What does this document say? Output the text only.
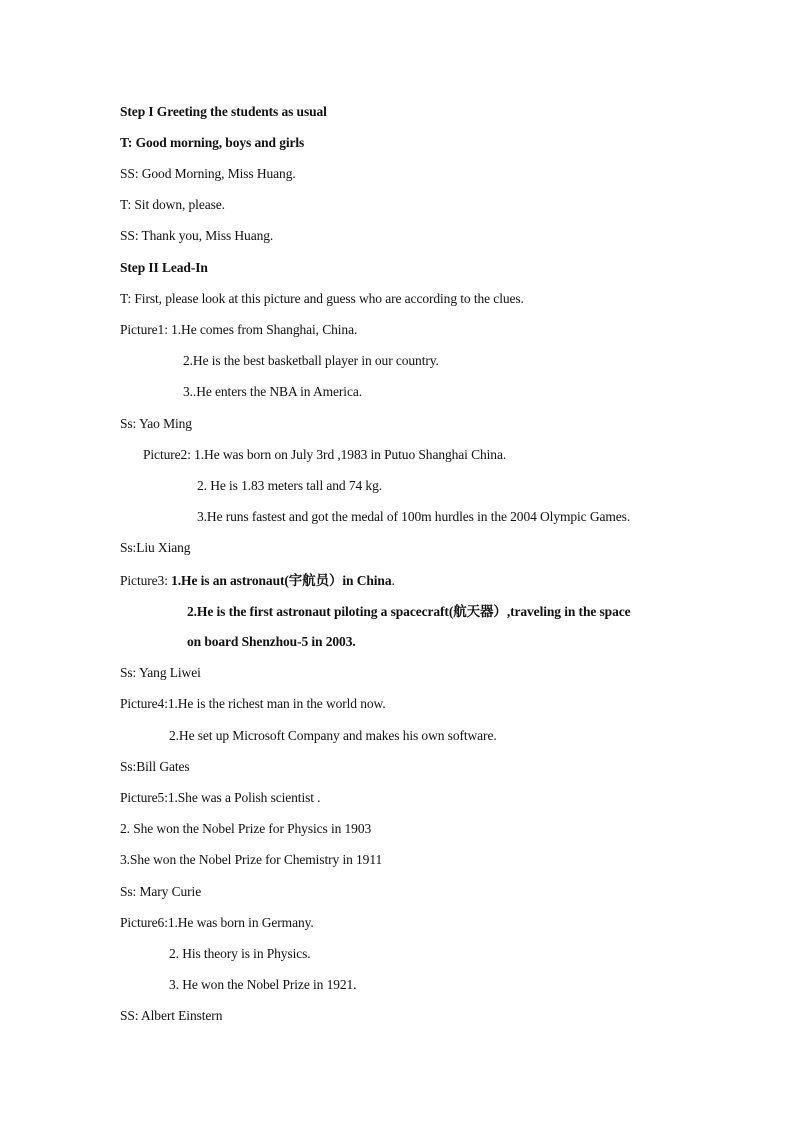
Step I Greeting the students as usual
T: Good morning, boys and girls
SS: Good Morning, Miss Huang.
T: Sit down, please.
SS: Thank you, Miss Huang.
Step II Lead-In
T: First, please look at this picture and guess who are according to the clues.
Picture1: 1.He comes from Shanghai, China.
2.He is the best basketball player in our country.
3..He enters the NBA in America.
Ss: Yao Ming
Picture2: 1.He was born on July 3rd ,1983 in Putuo Shanghai China.
2. He is 1.83 meters tall and 74 kg.
3.He runs fastest and got the medal of 100m hurdles in the 2004 Olympic Games.
Ss:Liu Xiang
Picture3: 1.He is an astronaut(宇航员）in China.
2.He is the first astronaut piloting a spacecraft(航天器）,traveling in the space
on board Shenzhou-5 in 2003.
Ss: Yang Liwei
Picture4:1.He is the richest man in the world now.
2.He set up Microsoft Company and makes his own software.
Ss:Bill Gates
Picture5:1.She was a Polish scientist .
2. She won the Nobel Prize for Physics in 1903
3.She won the Nobel Prize for Chemistry in 1911
Ss: Mary Curie
Picture6:1.He was born in Germany.
2. His theory is in Physics.
3. He won the Nobel Prize in 1921.
SS: Albert Einstern
